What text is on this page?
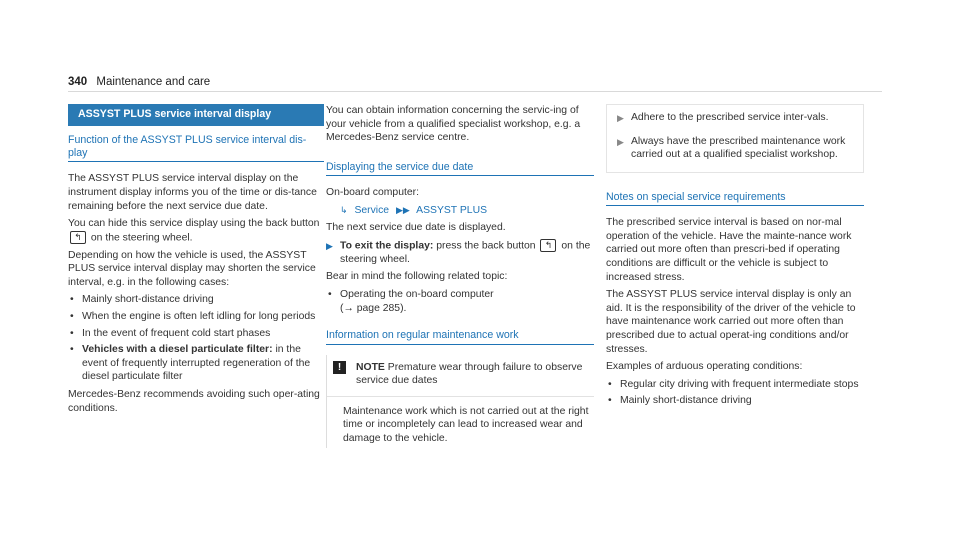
340 Maintenance and care
ASSYST PLUS service interval display
Function of the ASSYST PLUS service interval dis-play

The ASSYST PLUS service interval display on the instrument display informs you of the time or dis-tance remaining before the next service due date.

You can hide this service display using the back button ↰ on the steering wheel.

Depending on how the vehicle is used, the ASSYST PLUS service interval display may shorten the service interval, e.g. in the following cases:

• Mainly short-distance driving
• When the engine is often left idling for long periods
• In the event of frequent cold start phases
• Vehicles with a diesel particulate filter: in the event of frequently interrupted regeneration of the diesel particulate filter

Mercedes-Benz recommends avoiding such oper-ating conditions.

You can obtain information concerning the servic-ing of your vehicle from a qualified specialist workshop, e.g. a Mercedes-Benz service centre.

Displaying the service due date

On-board computer:

↳ Service ▶▶ ASSYST PLUS

The next service due date is displayed.

▶ To exit the display: press the back button ↰ on the steering wheel.

Bear in mind the following related topic:

• Operating the on-board computer
(→ page 285).
Information on regular maintenance work
!	NOTE Premature wear through failure to observe service due dates
Maintenance work which is not carried out at the right time or incompletely can lead to increased wear and damage to the vehicle.
▶ Adhere to the prescribed service inter-vals.
▶ Always have the prescribed maintenance work carried out at a qualified specialist workshop.
Notes on special service requirements

The prescribed service interval is based on nor-mal operation of the vehicle. Have the mainte-nance work carried out more often than prescri-bed if operating conditions are difficult or the vehicle is subject to increased stress.

The ASSYST PLUS service interval display is only an aid. It is the responsibility of the driver of the vehicle to have maintenance work carried out more often than prescribed due to actual operat-ing conditions and/or stresses.

Examples of arduous operating conditions:

• Regular city driving with frequent intermediate stops
• Mainly short-distance driving
